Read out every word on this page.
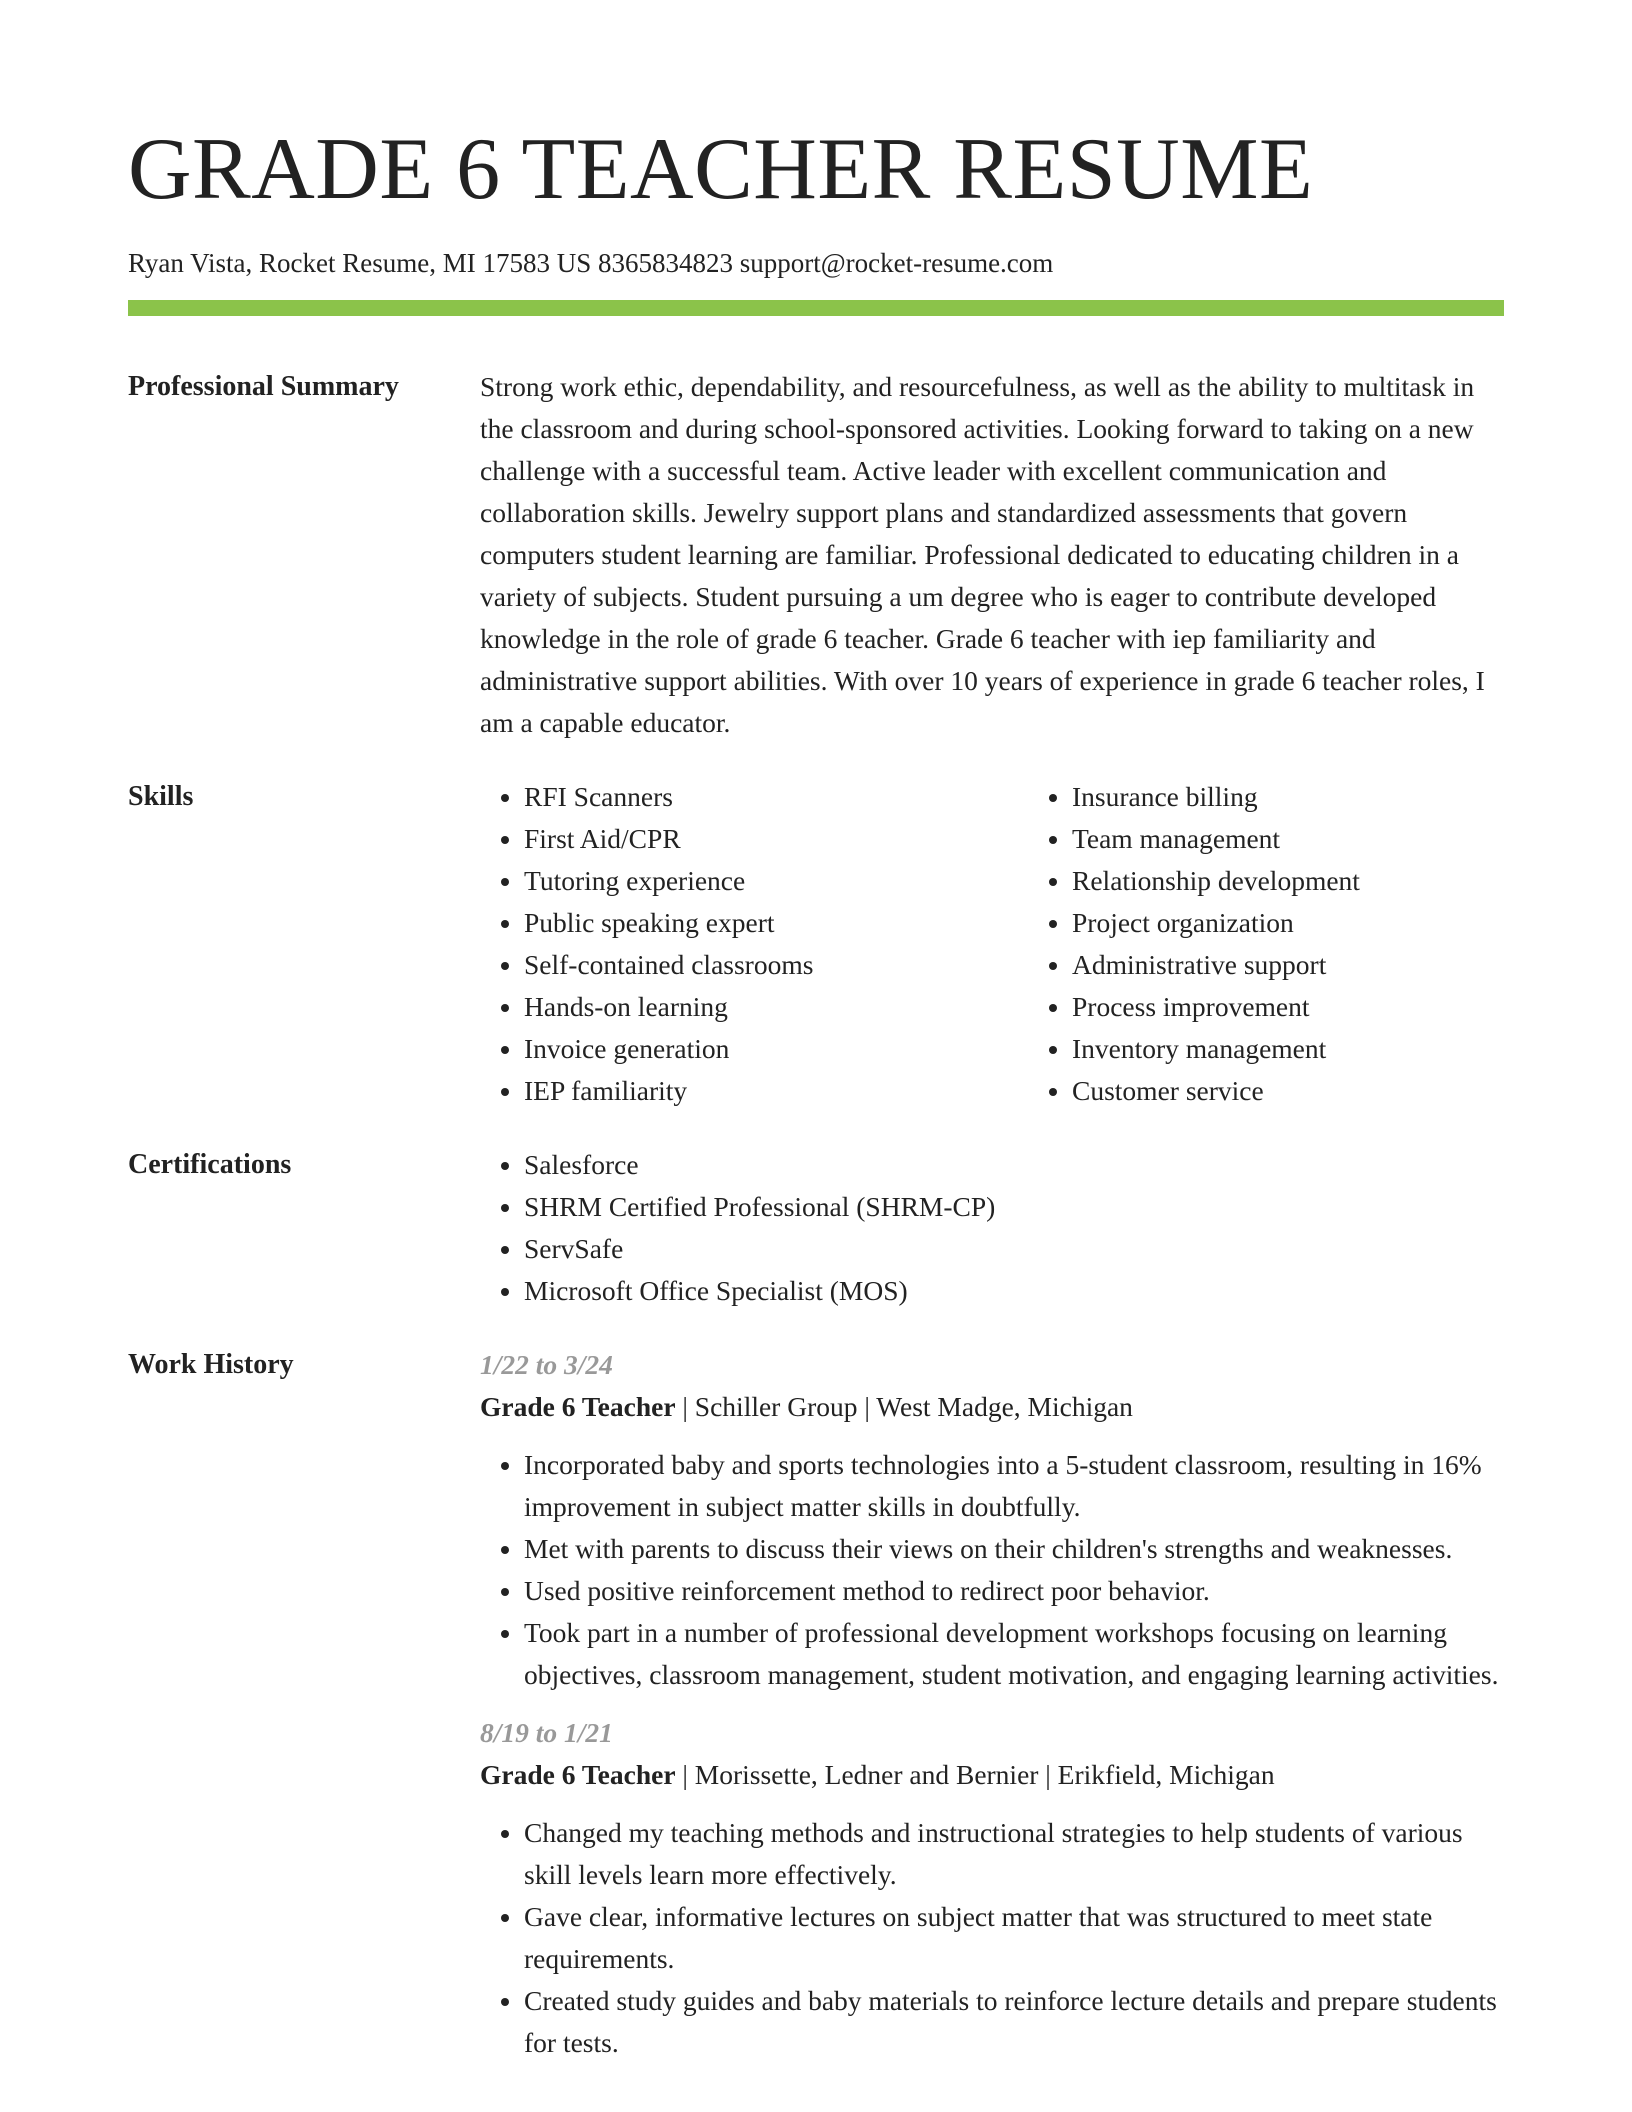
GRADE 6 TEACHER RESUME
Ryan Vista, Rocket Resume, MI 17583 US 8365834823 support@rocket-resume.com
Professional Summary	Strong work ethic, dependability, and resourcefulness, as well as the ability to multitask in the classroom and during school-sponsored activities. Looking forward to taking on a new challenge with a successful team. Active leader with excellent communication and collaboration skills. Jewelry support plans and standardized assessments that govern computers student learning are familiar. Professional dedicated to educating children in a variety of subjects. Student pursuing a um degree who is eager to contribute developed knowledge in the role of grade 6 teacher. Grade 6 teacher with iep familiarity and administrative support abilities. With over 10 years of experience in grade 6 teacher roles, I am a capable educator.

Skills	• RFI Scanners
• First Aid/CPR
• Tutoring experience
• Public speaking expert
• Self-contained classrooms
• Hands-on learning
• Invoice generation
• IEP familiarity
• Insurance billing
• Team management
• Relationship development
• Project organization
• Administrative support
• Process improvement
• Inventory management
• Customer service
Certifications	• Salesforce
• SHRM Certified Professional (SHRM-CP)
• ServSafe
• Microsoft Office Specialist (MOS)
Work History	1/22 to 3/24
Grade 6 Teacher | Schiller Group | West Madge, Michigan
• Incorporated baby and sports technologies into a 5-student classroom, resulting in 16% improvement in subject matter skills in doubtfully.
• Met with parents to discuss their views on their children's strengths and weaknesses.
• Used positive reinforcement method to redirect poor behavior.
• Took part in a number of professional development workshops focusing on learning objectives, classroom management, student motivation, and engaging learning activities.
8/19 to 1/21
Grade 6 Teacher | Morissette, Ledner and Bernier | Erikfield, Michigan
• Changed my teaching methods and instructional strategies to help students of various skill levels learn more effectively.
• Gave clear, informative lectures on subject matter that was structured to meet state requirements.
• Created study guides and baby materials to reinforce lecture details and prepare students for tests.
